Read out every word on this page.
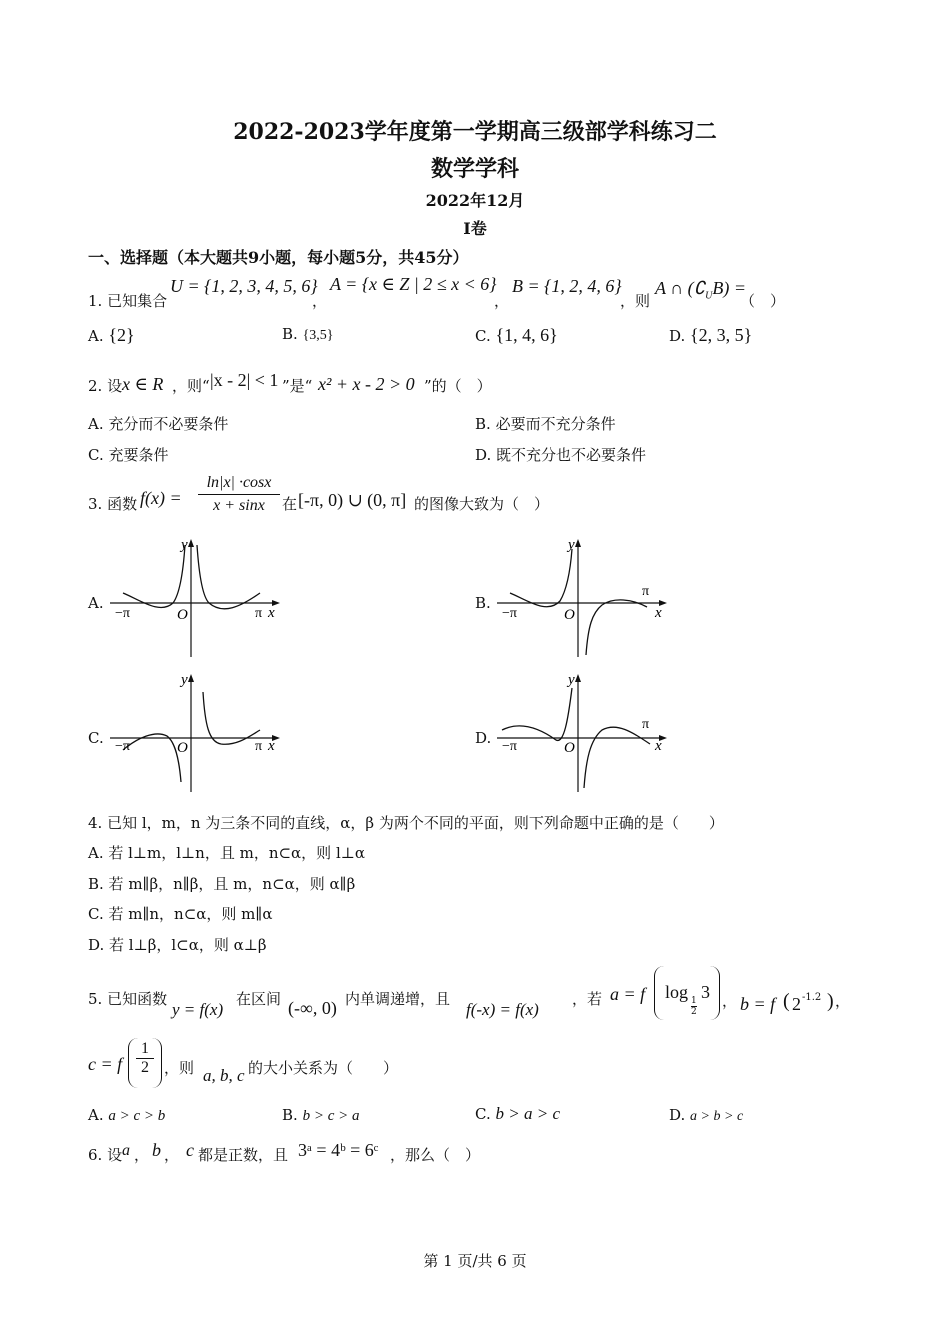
2022-2023学年度第一学期高三级部学科练习二
数学学科
2022年12月
I卷
一、选择题（本大题共9小题，每小题5分，共45分）
1. 已知集合
U = {1, 2, 3, 4, 5, 6}
，
A = {x ∈ Z | 2 ≤ x < 6}
，
B = {1, 2, 4, 6}
，则
A ∩ $(∁_UB)$ =
（　）
A. {2}	B. {3,5}	C. {1, 4, 6}	D. {2, 3, 5}
2. 设 x ∈ R ，则“ |x - 2| < 1 ”是“ x² + x - 2 > 0 ”的（　）
A. 充分而不必要条件	B. 必要而不充分条件
C. 充要条件	D. 既不充分也不必要条件
3. 函数 f(x) =
ln|x| ·cosx
x + sinx	在 [-π, 0) ∪ (0, π] 的图像大致为（　）
A.
y
O	x
−π	π
B.
y
O	x
−π
π
C.
y
O	x
−π	π	D.
y
O	x
−π
π
4. 已知 l，m，n 为三条不同的直线，α，β 为两个不同的平面，则下列命题中正确的是（　　）
A. 若 l⊥m，l⊥n，且 m，n⊂α，则 l⊥α
B. 若 m∥β，n∥β，且 m，n⊂α，则 α∥β
C. 若 m∥n，n⊂α，则 m∥α
D. 若 l⊥β，l⊂α，则 α⊥β
5. 已知函数
y = f(x)
在区间 (-∞, 0) 内单调递增，且
f(-x) = f(x)
，若 a = f log 1
2
3 ， b = f ( 2 -1.2 ) ，
c = f
1
2	，则 a, b, c 的大小关系为（　　）
A. a > c > b	B. b > c > a	C. b > a > c	D. a > b > c
6. 设 a ， b ， c 都是正数，且 3ᵃ = 4ᵇ = 6ᶜ ，那么（　）
第 1 页/共 6 页
